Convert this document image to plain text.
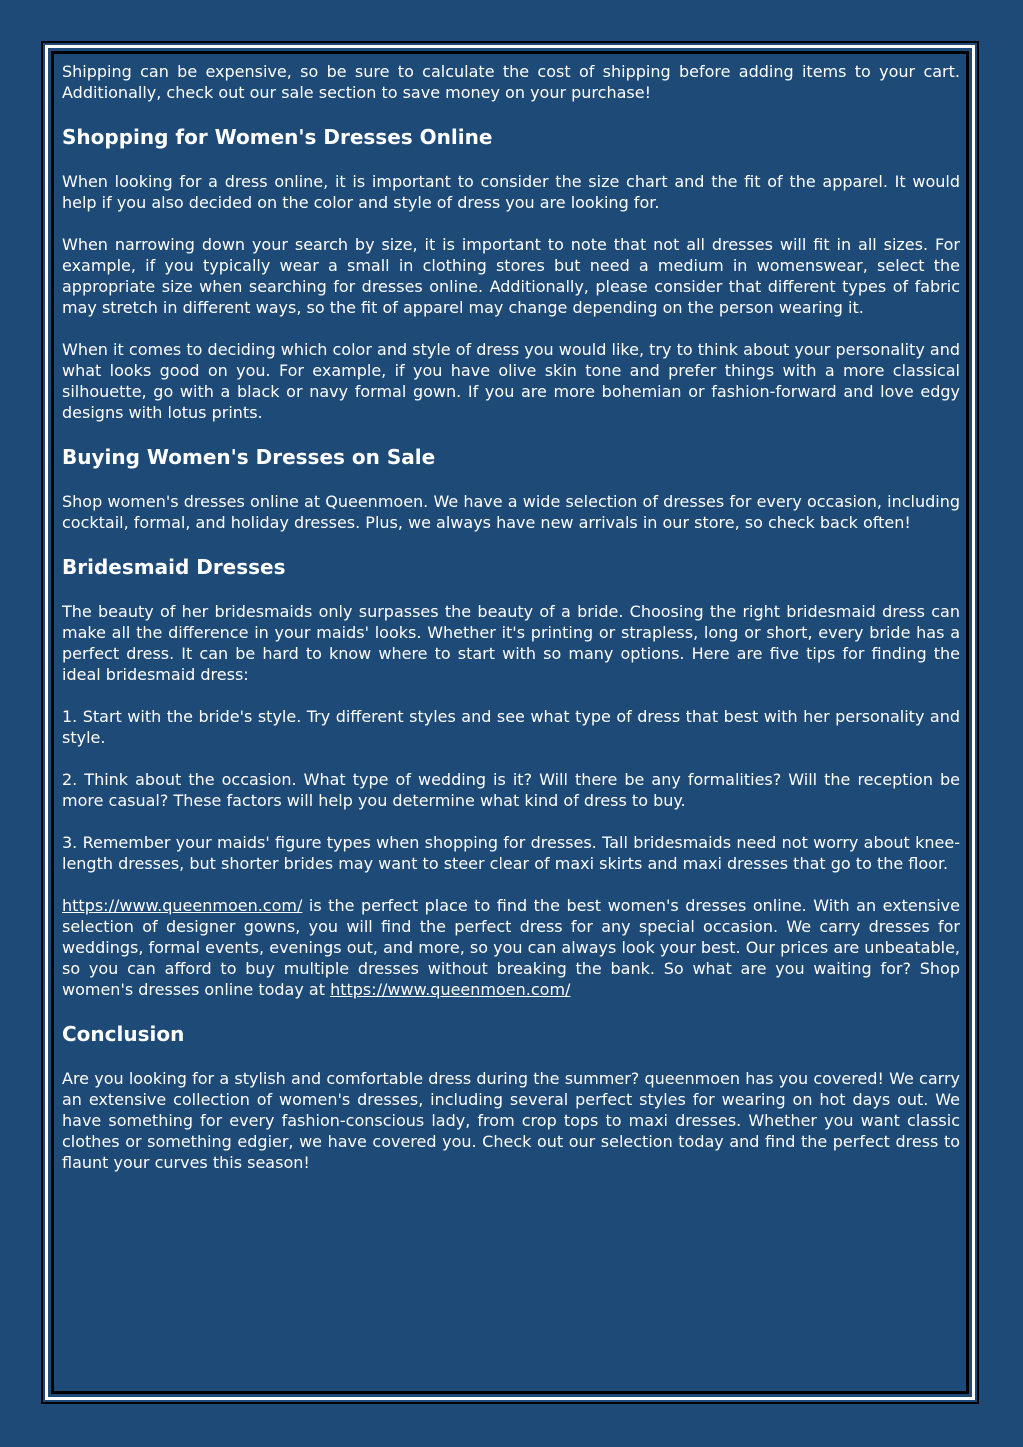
Shipping can be expensive, so be sure to calculate the cost of shipping before adding items to your cart. Additionally, check out our sale section to save money on your purchase!

Shopping for Women's Dresses Online

When looking for a dress online, it is important to consider the size chart and the fit of the apparel. It would help if you also decided on the color and style of dress you are looking for.

When narrowing down your search by size, it is important to note that not all dresses will fit in all sizes. For example, if you typically wear a small in clothing stores but need a medium in womenswear, select the appropriate size when searching for dresses online. Additionally, please consider that different types of fabric may stretch in different ways, so the fit of apparel may change depending on the person wearing it.

When it comes to deciding which color and style of dress you would like, try to think about your personality and what looks good on you. For example, if you have olive skin tone and prefer things with a more classical silhouette, go with a black or navy formal gown. If you are more bohemian or fashion-forward and love edgy designs with lotus prints.

Buying Women's Dresses on Sale

Shop women's dresses online at Queenmoen. We have a wide selection of dresses for every occasion, including cocktail, formal, and holiday dresses. Plus, we always have new arrivals in our store, so check back often!

Bridesmaid Dresses

The beauty of her bridesmaids only surpasses the beauty of a bride. Choosing the right bridesmaid dress can make all the difference in your maids' looks. Whether it's printing or strapless, long or short, every bride has a perfect dress. It can be hard to know where to start with so many options. Here are five tips for finding the ideal bridesmaid dress:

1. Start with the bride's style. Try different styles and see what type of dress that best with her personality and style.

2. Think about the occasion. What type of wedding is it? Will there be any formalities? Will the reception be more casual? These factors will help you determine what kind of dress to buy.

3. Remember your maids' figure types when shopping for dresses. Tall bridesmaids need not worry about knee-length dresses, but shorter brides may want to steer clear of maxi skirts and maxi dresses that go to the floor.

https://www.queenmoen.com/ is the perfect place to find the best women's dresses online. With an extensive selection of designer gowns, you will find the perfect dress for any special occasion. We carry dresses for weddings, formal events, evenings out, and more, so you can always look your best. Our prices are unbeatable, so you can afford to buy multiple dresses without breaking the bank. So what are you waiting for? Shop women's dresses online today at https://www.queenmoen.com/

Conclusion

Are you looking for a stylish and comfortable dress during the summer? queenmoen has you covered! We carry an extensive collection of women's dresses, including several perfect styles for wearing on hot days out. We have something for every fashion-conscious lady, from crop tops to maxi dresses. Whether you want classic clothes or something edgier, we have covered you. Check out our selection today and find the perfect dress to flaunt your curves this season!
